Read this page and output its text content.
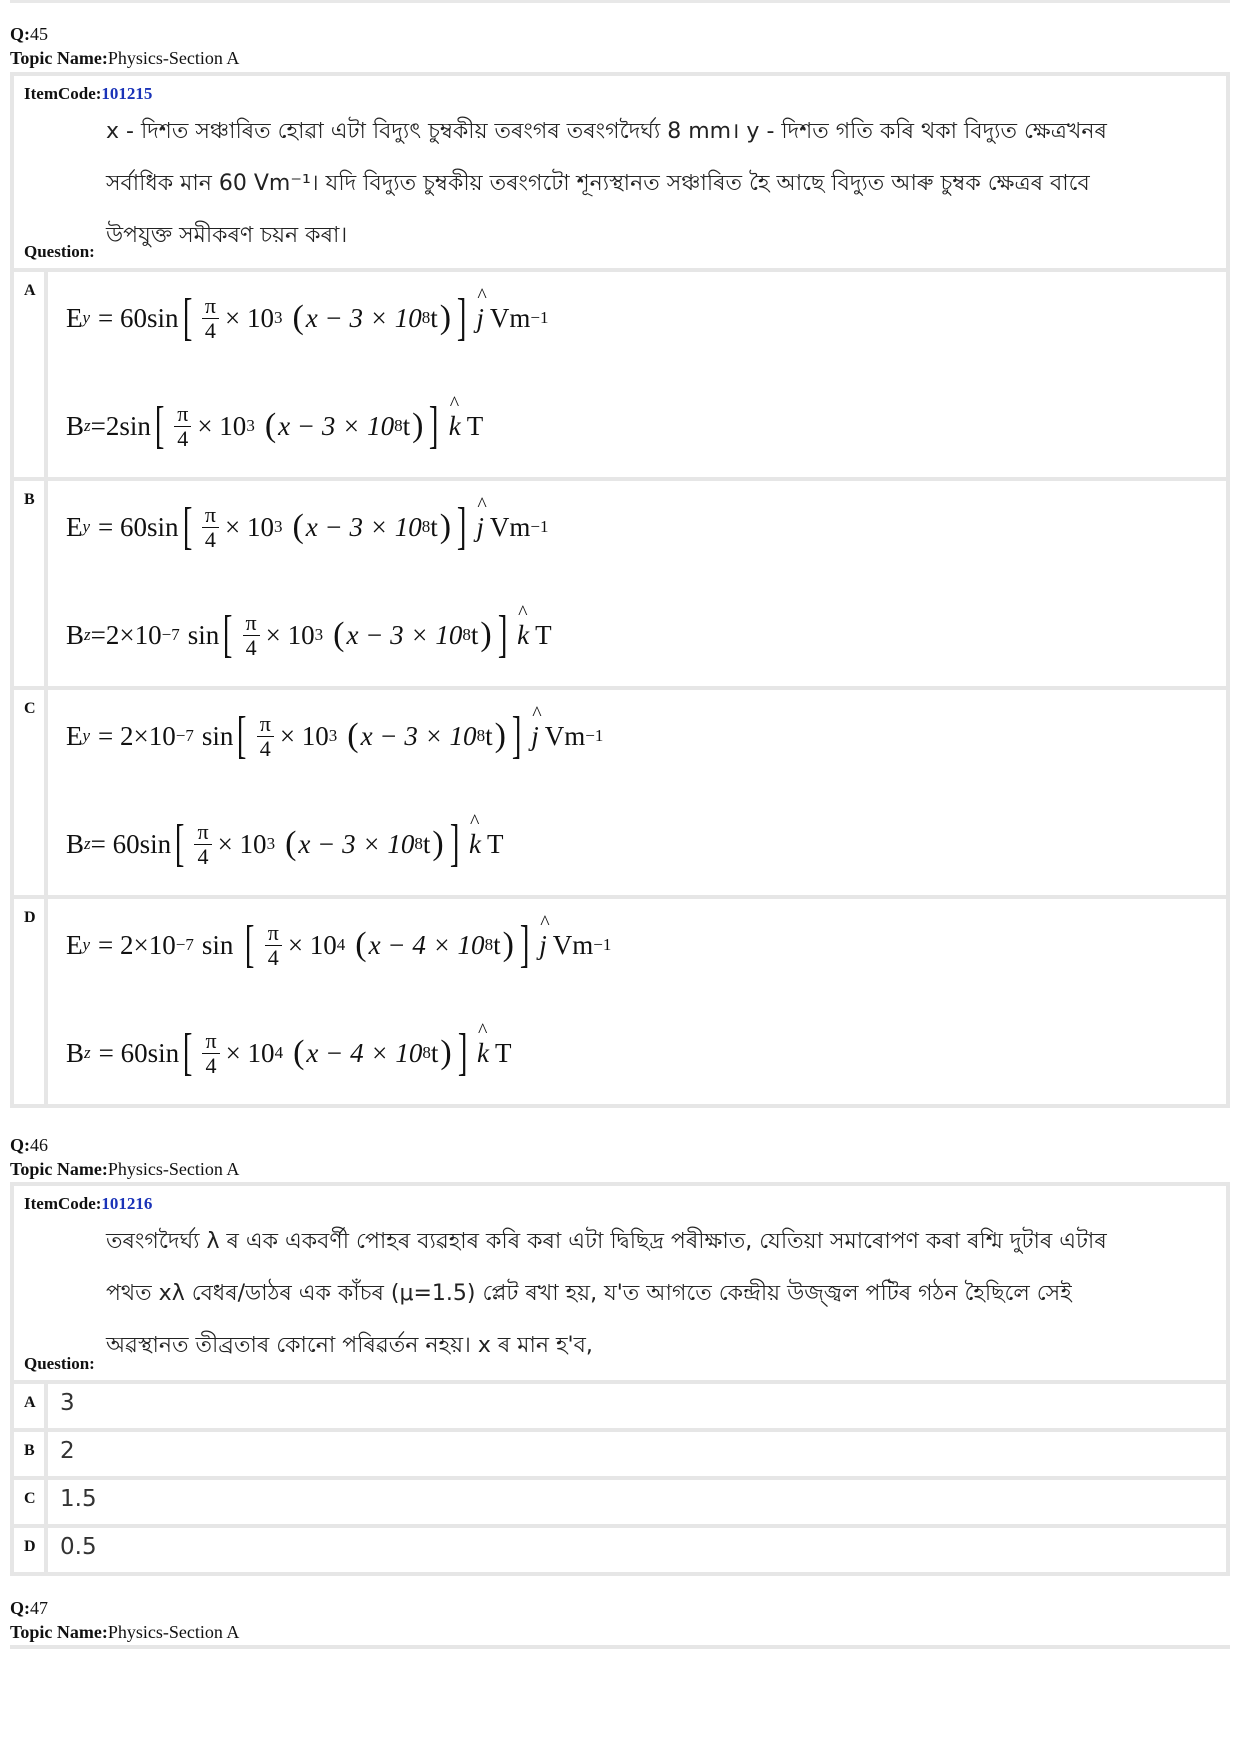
Q:45
Topic Name:Physics-Section A
ItemCode:101215
x - দিশত সঞ্চাৰিত হোৱা এটা বিদ্যুৎ চুম্বকীয় তৰংগৰ তৰংগদৈৰ্ঘ্য 8 mm। y - দিশত গতি কৰি থকা বিদ্যুত ক্ষেত্ৰখনৰ
সৰ্বাধিক মান 60 Vm⁻¹। যদি বিদ্যুত চুম্বকীয় তৰংগটো শূন্যস্থানত সঞ্চাৰিত হৈ আছে বিদ্যুত আৰু চুম্বক ক্ষেত্ৰৰ বাবে
উপযুক্ত সমীকৰণ চয়ন কৰা।
Question:
A
E y = 60sin [ $\frac{\pi}{4} \times 10$ 3 ( x − 3 × 10 8 t ) ] ^ j Vm −1
B z =2sin [ $\frac{\pi}{4} \times 10$ 3 ( x − 3 × 10 8 t ) ] ^ k T
B
E y = 60sin [ $\frac{\pi}{4} \times 10$ 3 ( x − 3 × 10 8 t ) ] ^ j Vm −1
B z =2×10 −7 sin [ $\frac{\pi}{4} \times 10$ 3 ( x − 3 × 10 8 t ) ] ^ k T
C
E y = 2×10 −7 sin [ $\frac{\pi}{4} \times 10$ 3 ( x − 3 × 10 8 t ) ] ^ j Vm −1
B z = 60sin [ $\frac{\pi}{4} \times 10$ 3 ( x − 3 × 10 8 t ) ] ^ k T
D
E y = 2×10 −7 sin [ $\frac{\pi}{4} \times 10$ 4 ( x − 4 × 10 8 t ) ] ^ j Vm −1
B z = 60sin [ $\frac{\pi}{4} \times 10$ 4 ( x − 4 × 10 8 t ) ] ^ k T
Q:46
Topic Name:Physics-Section A
ItemCode:101216
তৰংগদৈৰ্ঘ্য λ ৰ এক একবৰ্ণী পোহৰ ব্যৱহাৰ কৰি কৰা এটা দ্বিছিদ্ৰ পৰীক্ষাত, যেতিয়া সমাৰোপণ কৰা ৰশ্মি দুটাৰ এটাৰ
পথত xλ বেধৰ/ডাঠৰ এক কাঁচৰ (μ=1.5) প্লেট ৰখা হয়, য'ত আগতে কেন্দ্ৰীয় উজ্জ্বল পটিৰ গঠন হৈছিলে সেই
অৱস্থানত তীব্ৰতাৰ কোনো পৰিৱৰ্তন নহয়। x ৰ মান হ'ব,
Question:
A	3
B	2
C	1.5
D	0.5
Q:47
Topic Name:Physics-Section A
